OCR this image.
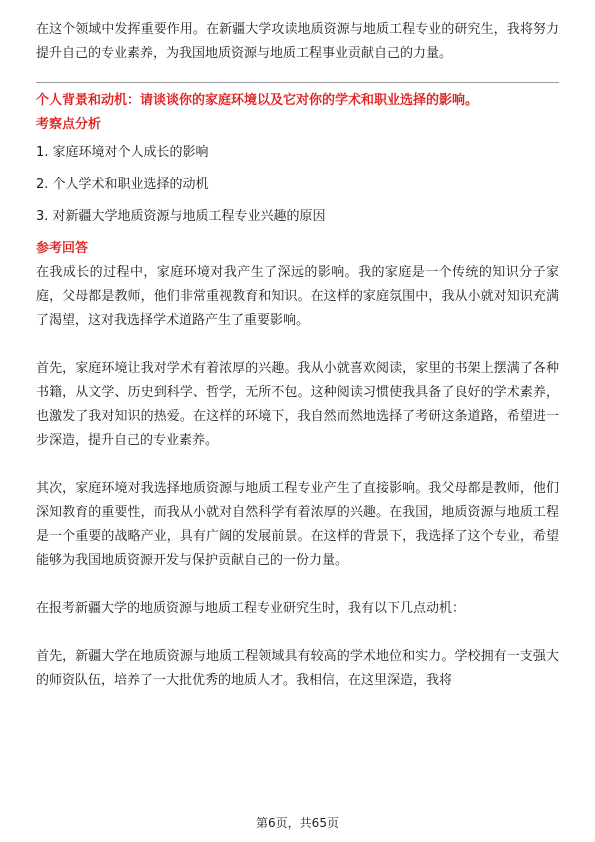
在这个领域中发挥重要作用。在新疆大学攻读地质资源与地质工程专业的研究生，我将努力提升自己的专业素养，为我国地质资源与地质工程事业贡献自己的力量。

个人背景和动机：请谈谈你的家庭环境以及它对你的学术和职业选择的影响。

考察点分析

1. 家庭环境对个人成长的影响
2. 个人学术和职业选择的动机
3. 对新疆大学地质资源与地质工程专业兴趣的原因

参考回答

在我成长的过程中，家庭环境对我产生了深远的影响。我的家庭是一个传统的知识分子家庭，父母都是教师，他们非常重视教育和知识。在这样的家庭氛围中，我从小就对知识充满了渴望，这对我选择学术道路产生了重要影响。

首先，家庭环境让我对学术有着浓厚的兴趣。我从小就喜欢阅读，家里的书架上摆满了各种书籍，从文学、历史到科学、哲学，无所不包。这种阅读习惯使我具备了良好的学术素养，也激发了我对知识的热爱。在这样的环境下，我自然而然地选择了考研这条道路，希望进一步深造，提升自己的专业素养。

其次，家庭环境对我选择地质资源与地质工程专业产生了直接影响。我父母都是教师，他们深知教育的重要性，而我从小就对自然科学有着浓厚的兴趣。在我国，地质资源与地质工程是一个重要的战略产业，具有广阔的发展前景。在这样的背景下，我选择了这个专业，希望能够为我国地质资源开发与保护贡献自己的一份力量。

在报考新疆大学的地质资源与地质工程专业研究生时，我有以下几点动机：

首先，新疆大学在地质资源与地质工程领域具有较高的学术地位和实力。学校拥有一支强大的师资队伍，培养了一大批优秀的地质人才。我相信，在这里深造，我将

第6页，共65页
